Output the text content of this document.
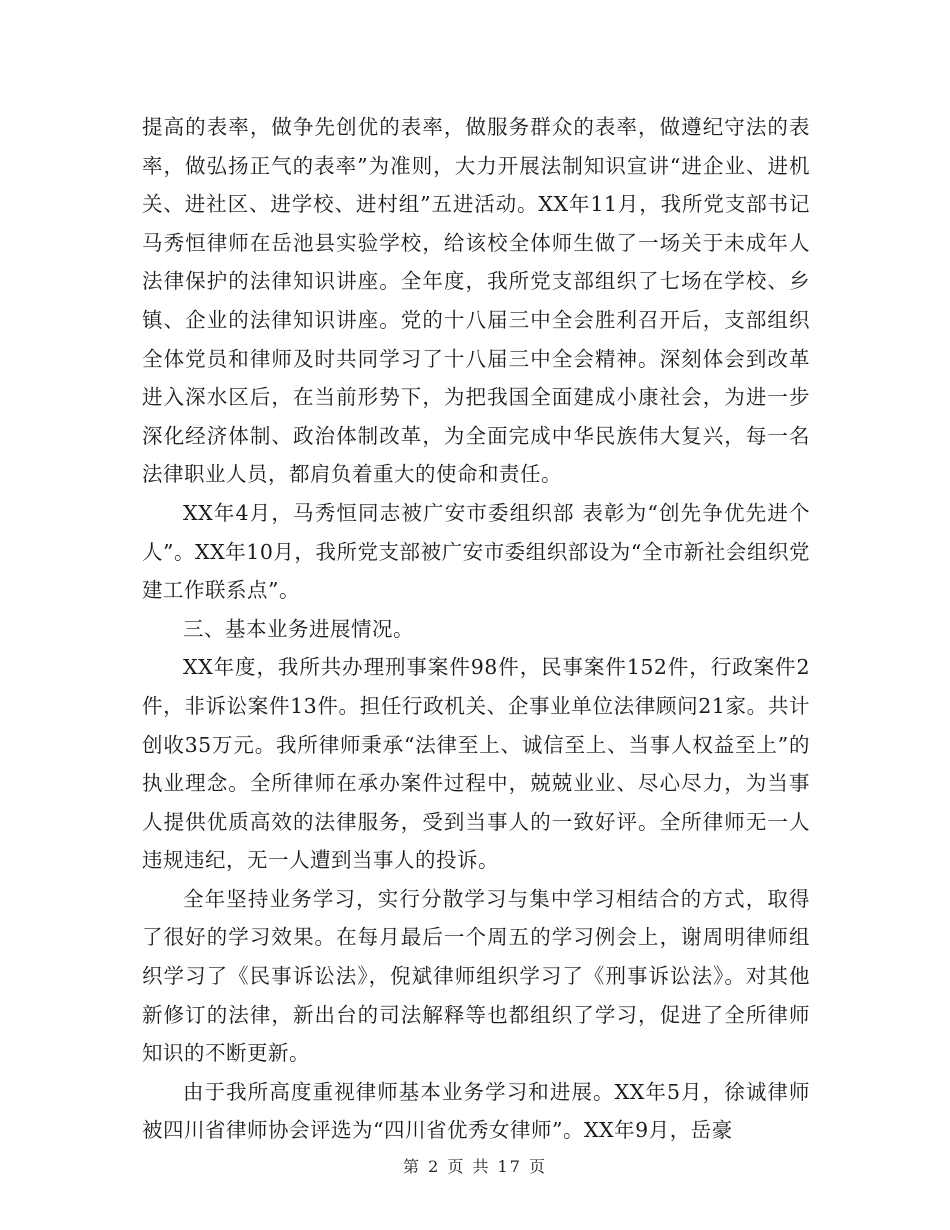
提高的表率，做争先创优的表率，做服务群众的表率，做遵纪守法的表率，做弘扬正气的表率”为准则，大力开展法制知识宣讲“进企业、进机关、进社区、进学校、进村组”五进活动。XX年11月，我所党支部书记马秀恒律师在岳池县实验学校，给该校全体师生做了一场关于未成年人法律保护的法律知识讲座。全年度，我所党支部组织了七场在学校、乡镇、企业的法律知识讲座。党的十八届三中全会胜利召开后，支部组织全体党员和律师及时共同学习了十八届三中全会精神。深刻体会到改革进入深水区后，在当前形势下，为把我国全面建成小康社会，为进一步深化经济体制、政治体制改革，为全面完成中华民族伟大复兴，每一名法律职业人员，都肩负着重大的使命和责任。

XX年4月，马秀恒同志被广安市委组织部 表彰为“创先争优先进个人”。XX年10月，我所党支部被广安市委组织部设为“全市新社会组织党建工作联系点”。

三、基本业务进展情况。

XX年度，我所共办理刑事案件98件，民事案件152件，行政案件2件，非诉讼案件13件。担任行政机关、企事业单位法律顾问21家。共计创收35万元。我所律师秉承“法律至上、诚信至上、当事人权益至上”的执业理念。全所律师在承办案件过程中，兢兢业业、尽心尽力，为当事人提供优质高效的法律服务，受到当事人的一致好评。全所律师无一人违规违纪，无一人遭到当事人的投诉。

全年坚持业务学习，实行分散学习与集中学习相结合的方式，取得了很好的学习效果。在每月最后一个周五的学习例会上，谢周明律师组织学习了《民事诉讼法》，倪斌律师组织学习了《刑事诉讼法》。对其他新修订的法律，新出台的司法解释等也都组织了学习，促进了全所律师知识的不断更新。

由于我所高度重视律师基本业务学习和进展。XX年5月，徐诚律师被四川省律师协会评选为“四川省优秀女律师”。XX年9月，岳豪

第 2 页 共 17 页
